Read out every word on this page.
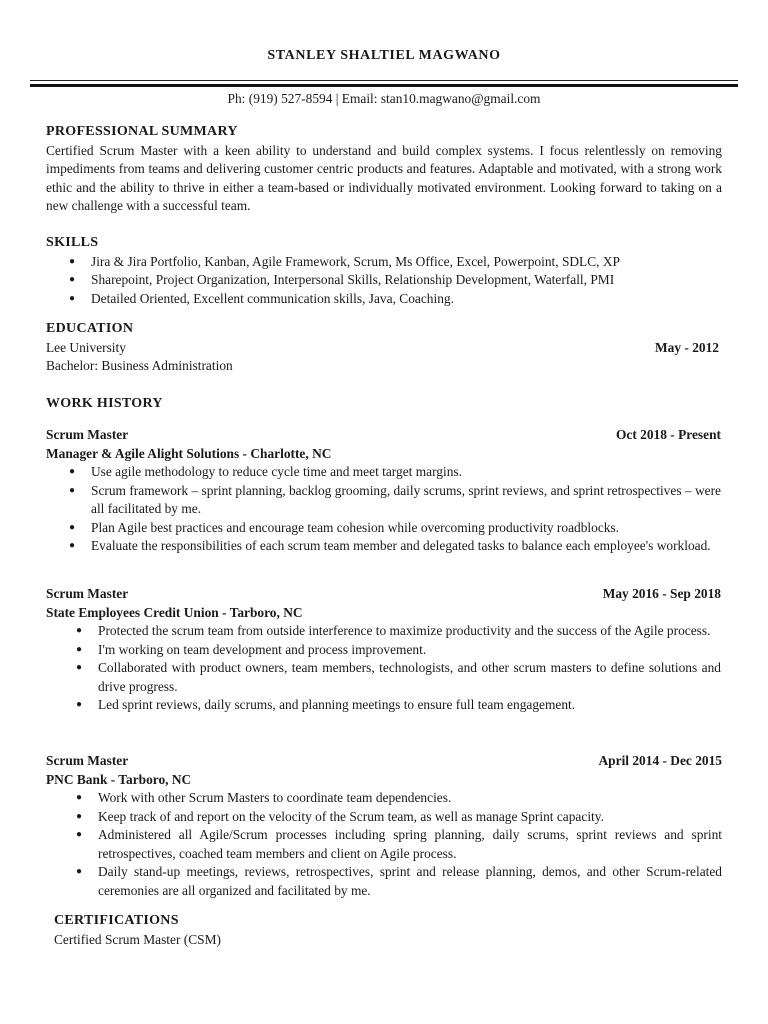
STANLEY SHALTIEL MAGWANO
Ph: (919) 527-8594 | Email: stan10.magwano@gmail.com

PROFESSIONAL SUMMARY

Certified Scrum Master with a keen ability to understand and build complex systems. I focus relentlessly on removing impediments from teams and delivering customer centric products and features. Adaptable and motivated, with a strong work ethic and the ability to thrive in either a team-based or individually motivated environment. Looking forward to taking on a new challenge with a successful team.

SKILLS

● Jira & Jira Portfolio, Kanban, Agile Framework, Scrum, Ms Office, Excel, Powerpoint, SDLC, XP
● Sharepoint, Project Organization, Interpersonal Skills, Relationship Development, Waterfall, PMI
● Detailed Oriented, Excellent communication skills, Java, Coaching.

EDUCATION

Lee University	May - 2012
Bachelor: Business Administration

WORK HISTORY

Scrum Master	Oct 2018 - Present
Manager & Agile Alight Solutions - Charlotte, NC
● Use agile methodology to reduce cycle time and meet target margins.
● Scrum framework – sprint planning, backlog grooming, daily scrums, sprint reviews, and sprint retrospectives – were all facilitated by me.
● Plan Agile best practices and encourage team cohesion while overcoming productivity roadblocks.
● Evaluate the responsibilities of each scrum team member and delegated tasks to balance each employee's workload.
Scrum Master	May 2016 - Sep 2018
State Employees Credit Union - Tarboro, NC
● Protected the scrum team from outside interference to maximize productivity and the success of the Agile process.
● I'm working on team development and process improvement.
● Collaborated with product owners, team members, technologists, and other scrum masters to define solutions and drive progress.
● Led sprint reviews, daily scrums, and planning meetings to ensure full team engagement.
Scrum Master	April 2014 - Dec 2015
PNC Bank - Tarboro, NC
● Work with other Scrum Masters to coordinate team dependencies.
● Keep track of and report on the velocity of the Scrum team, as well as manage Sprint capacity.
● Administered all Agile/Scrum processes including spring planning, daily scrums, sprint reviews and sprint retrospectives, coached team members and client on Agile process.
● Daily stand-up meetings, reviews, retrospectives, sprint and release planning, demos, and other Scrum-related ceremonies are all organized and facilitated by me.

CERTIFICATIONS

Certified Scrum Master (CSM)
